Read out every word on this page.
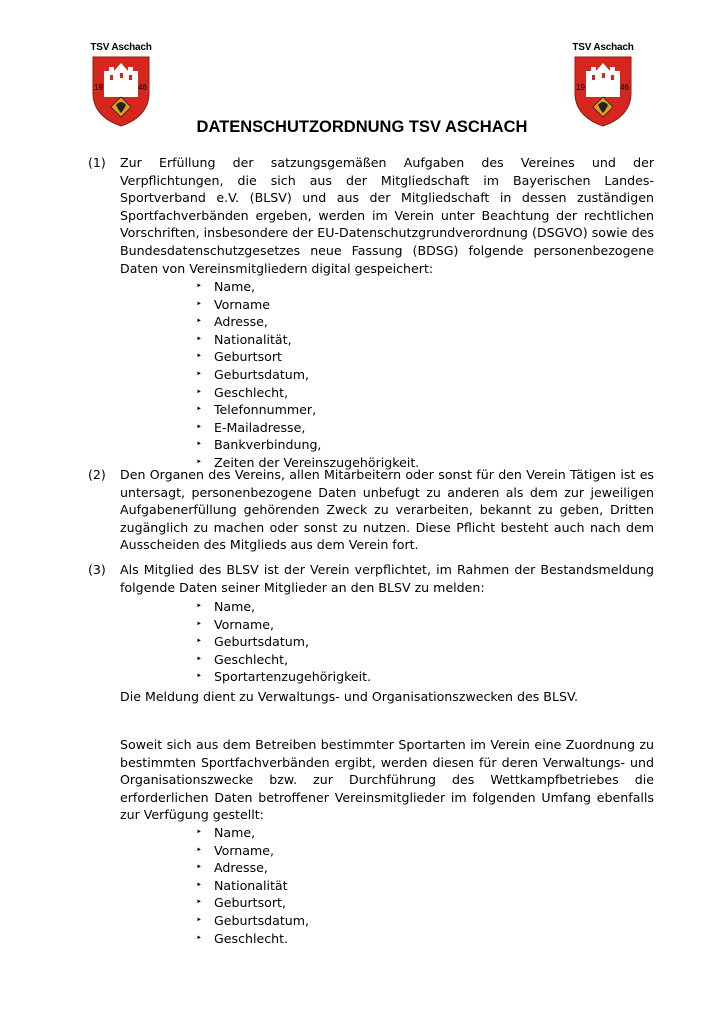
TSV Aschach
19	46
TSV Aschach
19	46
DATENSCHUTZORDNUNG TSV ASCHACH
(1) Zur Erfüllung der satzungsgemäßen Aufgaben des Vereines und der Verpflichtungen, die sich aus der Mitgliedschaft im Bayerischen Landes-Sportverband e.V. (BLSV) und aus der Mitgliedschaft in dessen zuständigen Sportfachverbänden ergeben, werden im Verein unter Beachtung der rechtlichen Vorschriften, insbesondere der EU-Datenschutzgrundverordnung (DSGVO) sowie des Bundesdatenschutzgesetzes neue Fassung (BDSG) folgende personenbezogene Daten von Vereinsmitgliedern digital gespeichert:
‣ Name,
‣ Vorname
‣ Adresse,
‣ Nationalität,
‣ Geburtsort
‣ Geburtsdatum,
‣ Geschlecht,
‣ Telefonnummer,
‣ E-Mailadresse,
‣ Bankverbindung,
‣ Zeiten der Vereinszugehörigkeit.
(2) Den Organen des Vereins, allen Mitarbeitern oder sonst für den Verein Tätigen ist es untersagt, personenbezogene Daten unbefugt zu anderen als dem zur jeweiligen Aufgabenerfüllung gehörenden Zweck zu verarbeiten, bekannt zu geben, Dritten zugänglich zu machen oder sonst zu nutzen. Diese Pflicht besteht auch nach dem Ausscheiden des Mitglieds aus dem Verein fort.
(3) Als Mitglied des BLSV ist der Verein verpflichtet, im Rahmen der Bestandsmeldung folgende Daten seiner Mitglieder an den BLSV zu melden:
‣ Name,
‣ Vorname,
‣ Geburtsdatum,
‣ Geschlecht,
‣ Sportartenzugehörigkeit.
Die Meldung dient zu Verwaltungs- und Organisationszwecken des BLSV.
Soweit sich aus dem Betreiben bestimmter Sportarten im Verein eine Zuordnung zu bestimmten Sportfachverbänden ergibt, werden diesen für deren Verwaltungs- und Organisationszwecke bzw. zur Durchführung des Wettkampfbetriebes die erforderlichen Daten betroffener Vereinsmitglieder im folgenden Umfang ebenfalls zur Verfügung gestellt:
‣ Name,
‣ Vorname,
‣ Adresse,
‣ Nationalität
‣ Geburtsort,
‣ Geburtsdatum,
‣ Geschlecht.
